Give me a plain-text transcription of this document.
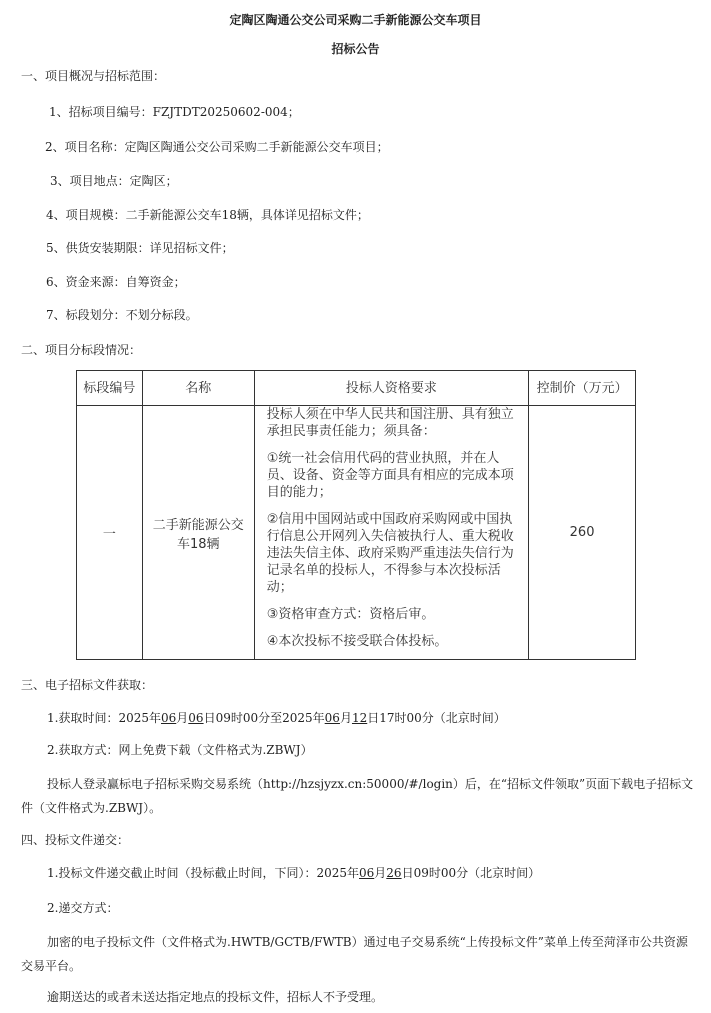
定陶区陶通公交公司采购二手新能源公交车项目
招标公告
一、项目概况与招标范围：
1、招标项目编号：FZJTDT20250602-004；
2、项目名称：定陶区陶通公交公司采购二手新能源公交车项目；
3、项目地点：定陶区；
4、项目规模：二手新能源公交车18辆，具体详见招标文件；
5、供货安装期限：详见招标文件；
6、资金来源：自筹资金；
7、标段划分：不划分标段。
二、项目分标段情况：
标段编号	名称	投标人资格要求	控制价（万元）
一	二手新能源公交车18辆	投标人须在中华人民共和国注册、具有独立承担民事责任能力；须具备：

①统一社会信用代码的营业执照，并在人员、设备、资金等方面具有相应的完成本项目的能力；

②信用中国网站或中国政府采购网或中国执行信息公开网列入失信被执行人、重大税收违法失信主体、政府采购严重违法失信行为记录名单的投标人，不得参与本次投标活动；

③资格审查方式：资格后审。

④本次投标不接受联合体投标。	260
三、电子招标文件获取：
1.获取时间：2025年06月06日09时00分至2025年06月12日17时00分（北京时间）
2.获取方式：网上免费下载（文件格式为.ZBWJ）
投标人登录赢标电子招标采购交易系统（http://hzsjyzx.cn:50000/#/login）后，在“招标文件领取”页面下载电子招标文件（文件格式为.ZBWJ）。
四、投标文件递交：
1.投标文件递交截止时间（投标截止时间，下同）：2025年06月26日09时00分（北京时间）
2.递交方式：
加密的电子投标文件（文件格式为.HWTB/GCTB/FWTB）通过电子交易系统“上传投标文件”菜单上传至菏泽市公共资源交易平台。
逾期送达的或者未送达指定地点的投标文件，招标人不予受理。
